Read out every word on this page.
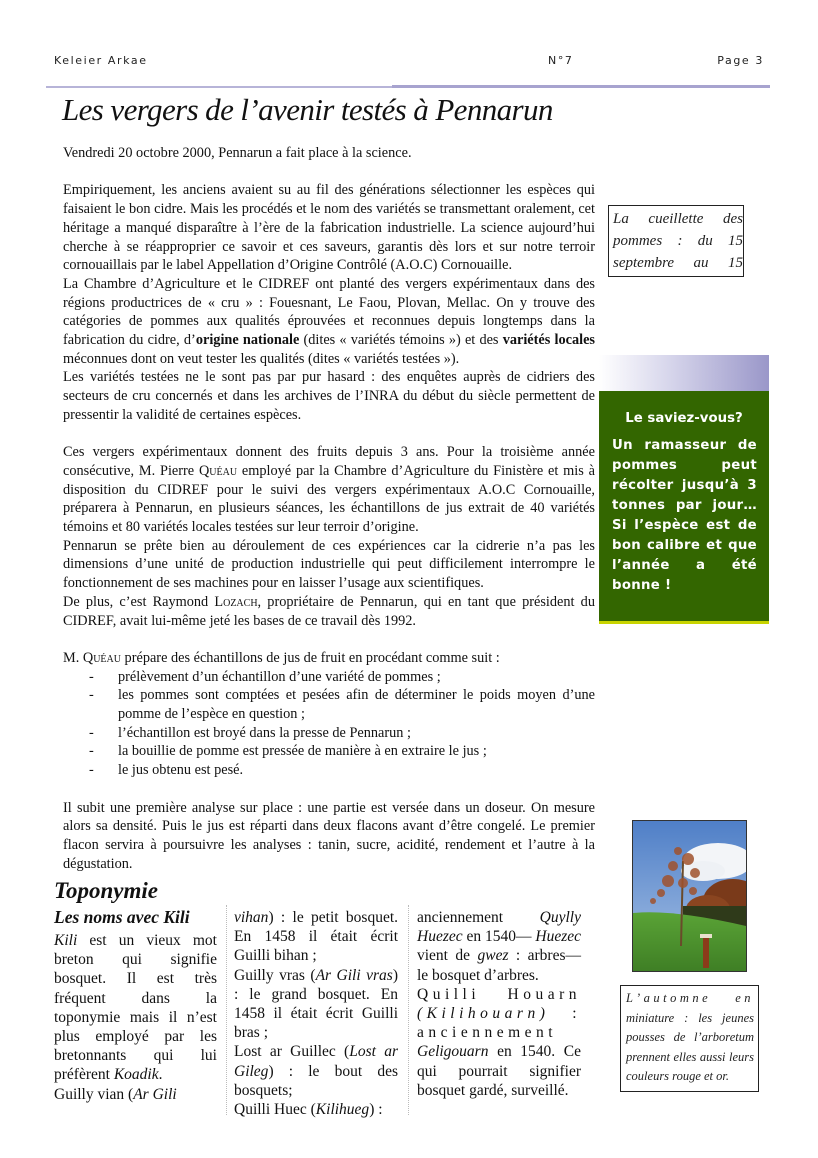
Keleier Arkae	N°7	Page 3
Les vergers de l’avenir testés à Pennarun

Vendredi 20 octobre 2000, Pennarun a fait place à la science.

Empiriquement, les anciens avaient su au fil des générations sélectionner les espèces qui faisaient le bon cidre. Mais les procédés et le nom des variétés se transmettant oralement, cet héritage a manqué disparaître à l’ère de la fabrication industrielle. La science aujourd’hui cherche à se réapproprier ce savoir et ces saveurs, garantis dès lors et sur notre terroir cornouaillais par le label Appellation d’Origine Contrôlé (A.O.C) Cornouaille.

La Chambre d’Agriculture et le CIDREF ont planté des vergers expérimentaux dans des régions productrices de « cru » : Fouesnant, Le Faou, Plovan, Mellac. On y trouve des catégories de pommes aux qualités éprouvées et reconnues depuis longtemps dans la fabrication du cidre, d’origine nationale (dites « variétés témoins ») et des variétés locales méconnues dont on veut tester les qualités (dites « variétés testées »).

Les variétés testées ne le sont pas par pur hasard : des enquêtes auprès de cidriers des secteurs de cru concernés et dans les archives de l’INRA du début du siècle permettent de pressentir la validité de certaines espèces.

Ces vergers expérimentaux donnent des fruits depuis 3 ans. Pour la troisième année consécutive, M. Pierre Quéau employé par la Chambre d’Agriculture du Finistère et mis à disposition du CIDREF pour le suivi des vergers expérimentaux A.O.C Cornouaille, préparera à Pennarun, en plusieurs séances, les échantillons de jus extrait de 40 variétés témoins et 80 variétés locales testées sur leur terroir d’origine.

Pennarun se prête bien au déroulement de ces expériences car la cidrerie n’a pas les dimensions d’une unité de production industrielle qui peut difficilement interrompre le fonctionnement de ses machines pour en laisser l’usage aux scientifiques.

De plus, c’est Raymond Lozach, propriétaire de Pennarun, qui en tant que président du CIDREF, avait lui-même jeté les bases de ce travail dès 1992.

M. Quéau prépare des échantillons de jus de fruit en procédant comme suit :

- prélèvement d’un échantillon d’une variété de pommes ;
- les pommes sont comptées et pesées afin de déterminer le poids moyen d’une pomme de l’espèce en question ;
- l’échantillon est broyé dans la presse de Pennarun ;
- la bouillie de pomme est pressée de manière à en extraire le jus ;
- le jus obtenu est pesé.

Il subit une première analyse sur place : une partie est versée dans un doseur. On mesure alors sa densité. Puis le jus est réparti dans deux flacons avant d’être congelé. Le premier flacon servira à poursuivre les analyses : tanin, sucre, acidité, rendement et l’autre à la dégustation.

La cueillette des pommes : du 15 septembre au 15
Le saviez-vous?
Un ramasseur de pommes peut récolter jusqu’à 3 tonnes par jour… Si l’espèce est de bon calibre et que l’année a été bonne !
L’automne en
miniature : les jeunes pousses de l’arboretum prennent elles aussi leurs couleurs rouge et or.
Toponymie
Les noms avec Kili

Kili est un vieux mot breton qui signifie bosquet. Il est très fréquent dans la toponymie mais il n’est plus employé par les bretonnants qui lui préfèrent Koadik.

Guilly vian (Ar Gili

vihan) : le petit bosquet. En 1458 il était écrit Guilli bihan ;

Guilly vras (Ar Gili vras) : le grand bosquet. En 1458 il était écrit Guilli bras ;

Lost ar Guillec (Lost ar Gileg) : le bout des bosquets;

Quilli Huec (Kilihueg) :

anciennement Quylly Huezec en 1540— Huezec vient de gwez : arbres— le bosquet d’arbres.

Quilli Houarn (Kilihouarn) : anciennement Geligouarn en 1540. Ce qui pourrait signifier bosquet gardé, surveillé.
